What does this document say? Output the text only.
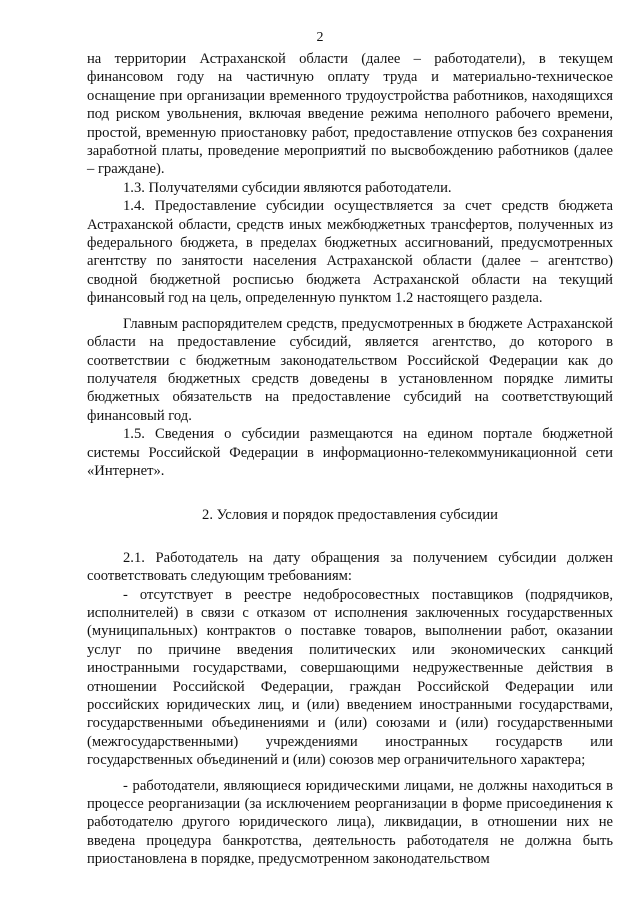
2

на территории Астраханской области (далее – работодатели), в текущем финансовом году на частичную оплату труда и материально-техническое оснащение при организации временного трудоустройства работников, находящихся под риском увольнения, включая введение режима неполного рабочего времени, простой, временную приостановку работ, предоставление отпусков без сохранения заработной платы, проведение мероприятий по высвобождению работников (далее – граждане).

1.3. Получателями субсидии являются работодатели.

1.4. Предоставление субсидии осуществляется за счет средств бюджета Астраханской области, средств иных межбюджетных трансфертов, полученных из федерального бюджета, в пределах бюджетных ассигнований, предусмотренных агентству по занятости населения Астраханской области (далее – агентство) сводной бюджетной росписью бюджета Астраханской области на текущий финансовый год на цель, определенную пунктом 1.2 настоящего раздела.

Главным распорядителем средств, предусмотренных в бюджете Астраханской области на предоставление субсидий, является агентство, до которого в соответствии с бюджетным законодательством Российской Федерации как до получателя бюджетных средств доведены в установленном порядке лимиты бюджетных обязательств на предоставление субсидий на соответствующий финансовый год.

1.5. Сведения о субсидии размещаются на едином портале бюджетной системы Российской Федерации в информационно-телекоммуникационной сети «Интернет».

2. Условия и порядок предоставления субсидии

2.1. Работодатель на дату обращения за получением субсидии должен соответствовать следующим требованиям:

- отсутствует в реестре недобросовестных поставщиков (подрядчиков, исполнителей) в связи с отказом от исполнения заключенных государственных (муниципальных) контрактов о поставке товаров, выполнении работ, оказании услуг по причине введения политических или экономических санкций иностранными государствами, совершающими недружественные действия в отношении Российской Федерации, граждан Российской Федерации или российских юридических лиц, и (или) введением иностранными государствами, государственными объединениями и (или) союзами и (или) государственными (межгосударственными) учреждениями иностранных государств или государственных объединений и (или) союзов мер ограничительного характера;

- работодатели, являющиеся юридическими лицами, не должны находиться в процессе реорганизации (за исключением реорганизации в форме присоединения к работодателю другого юридического лица), ликвидации, в отношении них не введена процедура банкротства, деятельность работодателя не должна быть приостановлена в порядке, предусмотренном законодательством
